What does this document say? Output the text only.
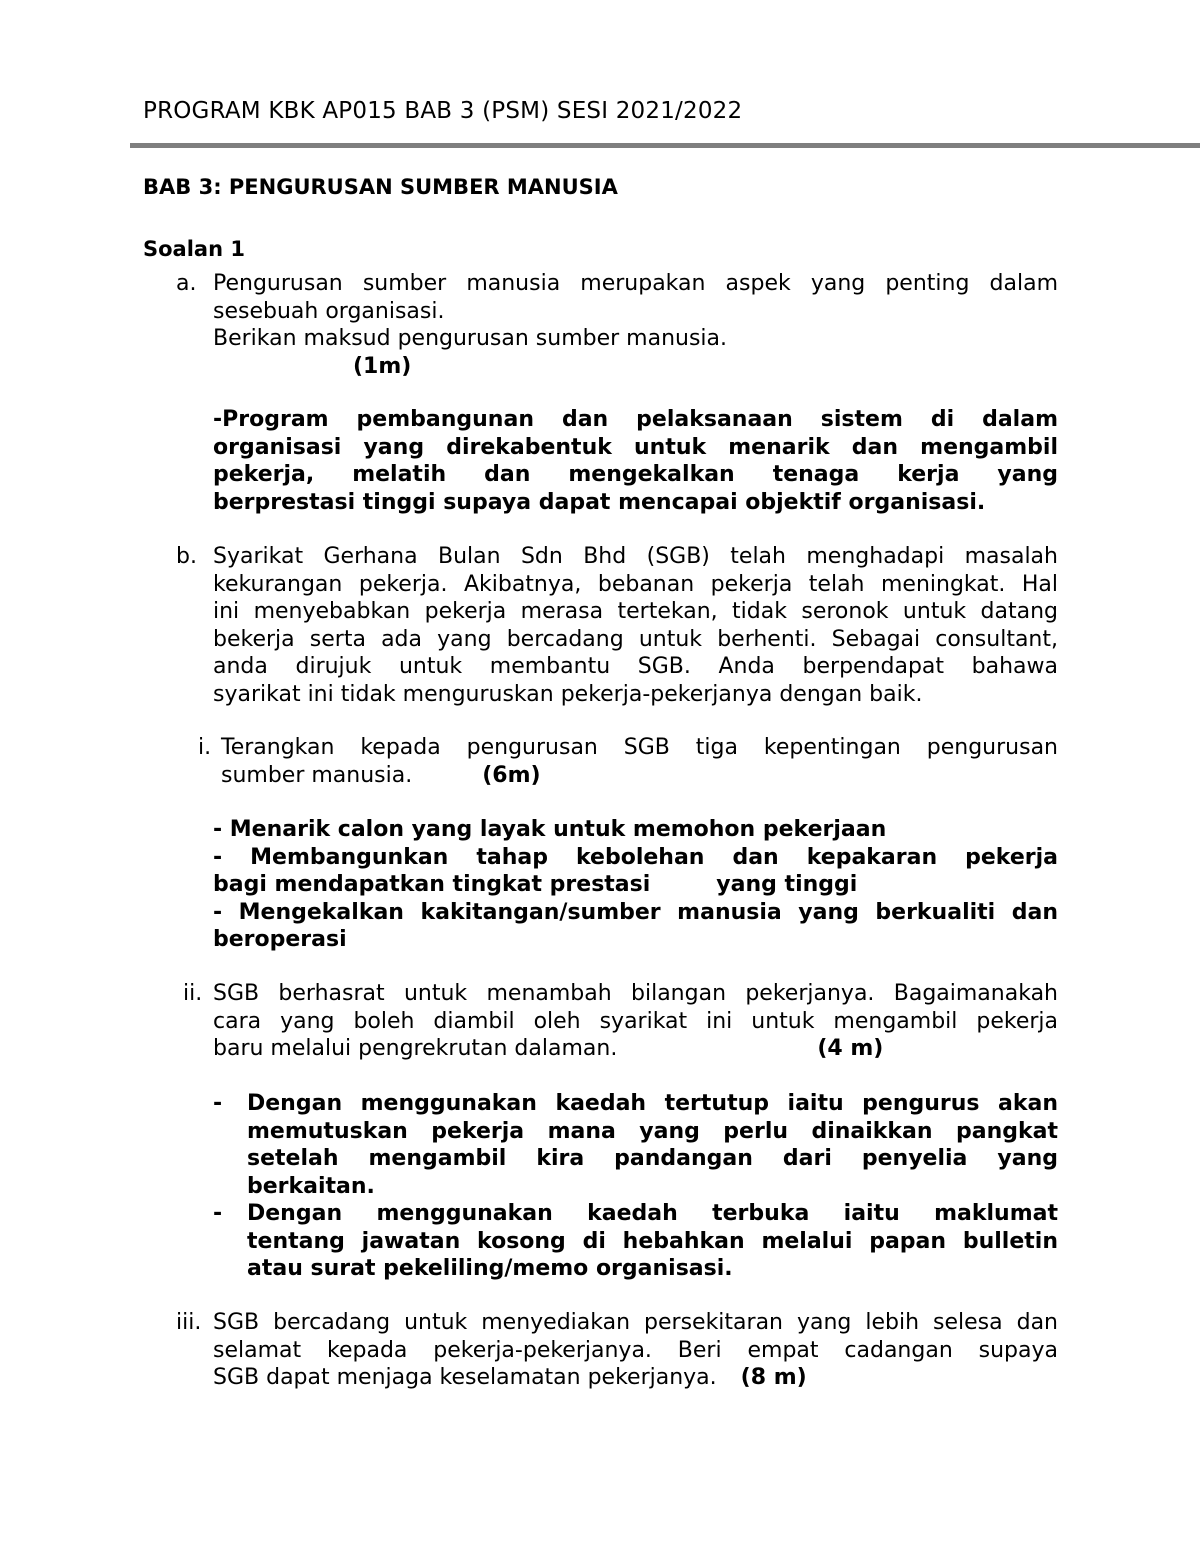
PROGRAM KBK AP015 BAB 3 (PSM) SESI 2021/2022
BAB 3: PENGURUSAN SUMBER MANUSIA
Soalan 1
a. Pengurusan sumber manusia merupakan aspek yang penting dalam
sesebuah organisasi.
Berikan maksud pengurusan sumber manusia.
(1m)
-Program pembangunan dan pelaksanaan sistem di dalam
organisasi yang direkabentuk untuk menarik dan mengambil
pekerja, melatih dan mengekalkan tenaga kerja yang
berprestasi tinggi supaya dapat mencapai objektif organisasi.
b. Syarikat Gerhana Bulan Sdn Bhd (SGB) telah menghadapi masalah
kekurangan pekerja. Akibatnya, bebanan pekerja telah meningkat. Hal
ini menyebabkan pekerja merasa tertekan, tidak seronok untuk datang
bekerja serta ada yang bercadang untuk berhenti. Sebagai consultant,
anda dirujuk untuk membantu SGB. Anda berpendapat bahawa
syarikat ini tidak menguruskan pekerja-pekerjanya dengan baik.
i. Terangkan kepada pengurusan SGB tiga kepentingan pengurusan
sumber manusia.	(6m)
- Menarik calon yang layak untuk memohon pekerjaan
- Membangunkan tahap kebolehan dan kepakaran pekerja
bagi mendapatkan tingkat prestasi	yang tinggi
- Mengekalkan kakitangan/sumber manusia yang berkualiti dan
beroperasi
ii. SGB berhasrat untuk menambah bilangan pekerjanya. Bagaimanakah
cara yang boleh diambil oleh syarikat ini untuk mengambil pekerja
baru melalui pengrekrutan dalaman.	(4 m)
- Dengan menggunakan kaedah tertutup iaitu pengurus akan
memutuskan pekerja mana yang perlu dinaikkan pangkat
setelah mengambil kira pandangan dari penyelia yang
berkaitan.
- Dengan menggunakan kaedah terbuka iaitu maklumat
tentang jawatan kosong di hebahkan melalui papan bulletin
atau surat pekeliling/memo organisasi.
iii. SGB bercadang untuk menyediakan persekitaran yang lebih selesa dan
selamat kepada pekerja-pekerjanya. Beri empat cadangan supaya
SGB dapat menjaga keselamatan pekerjanya. (8 m)
